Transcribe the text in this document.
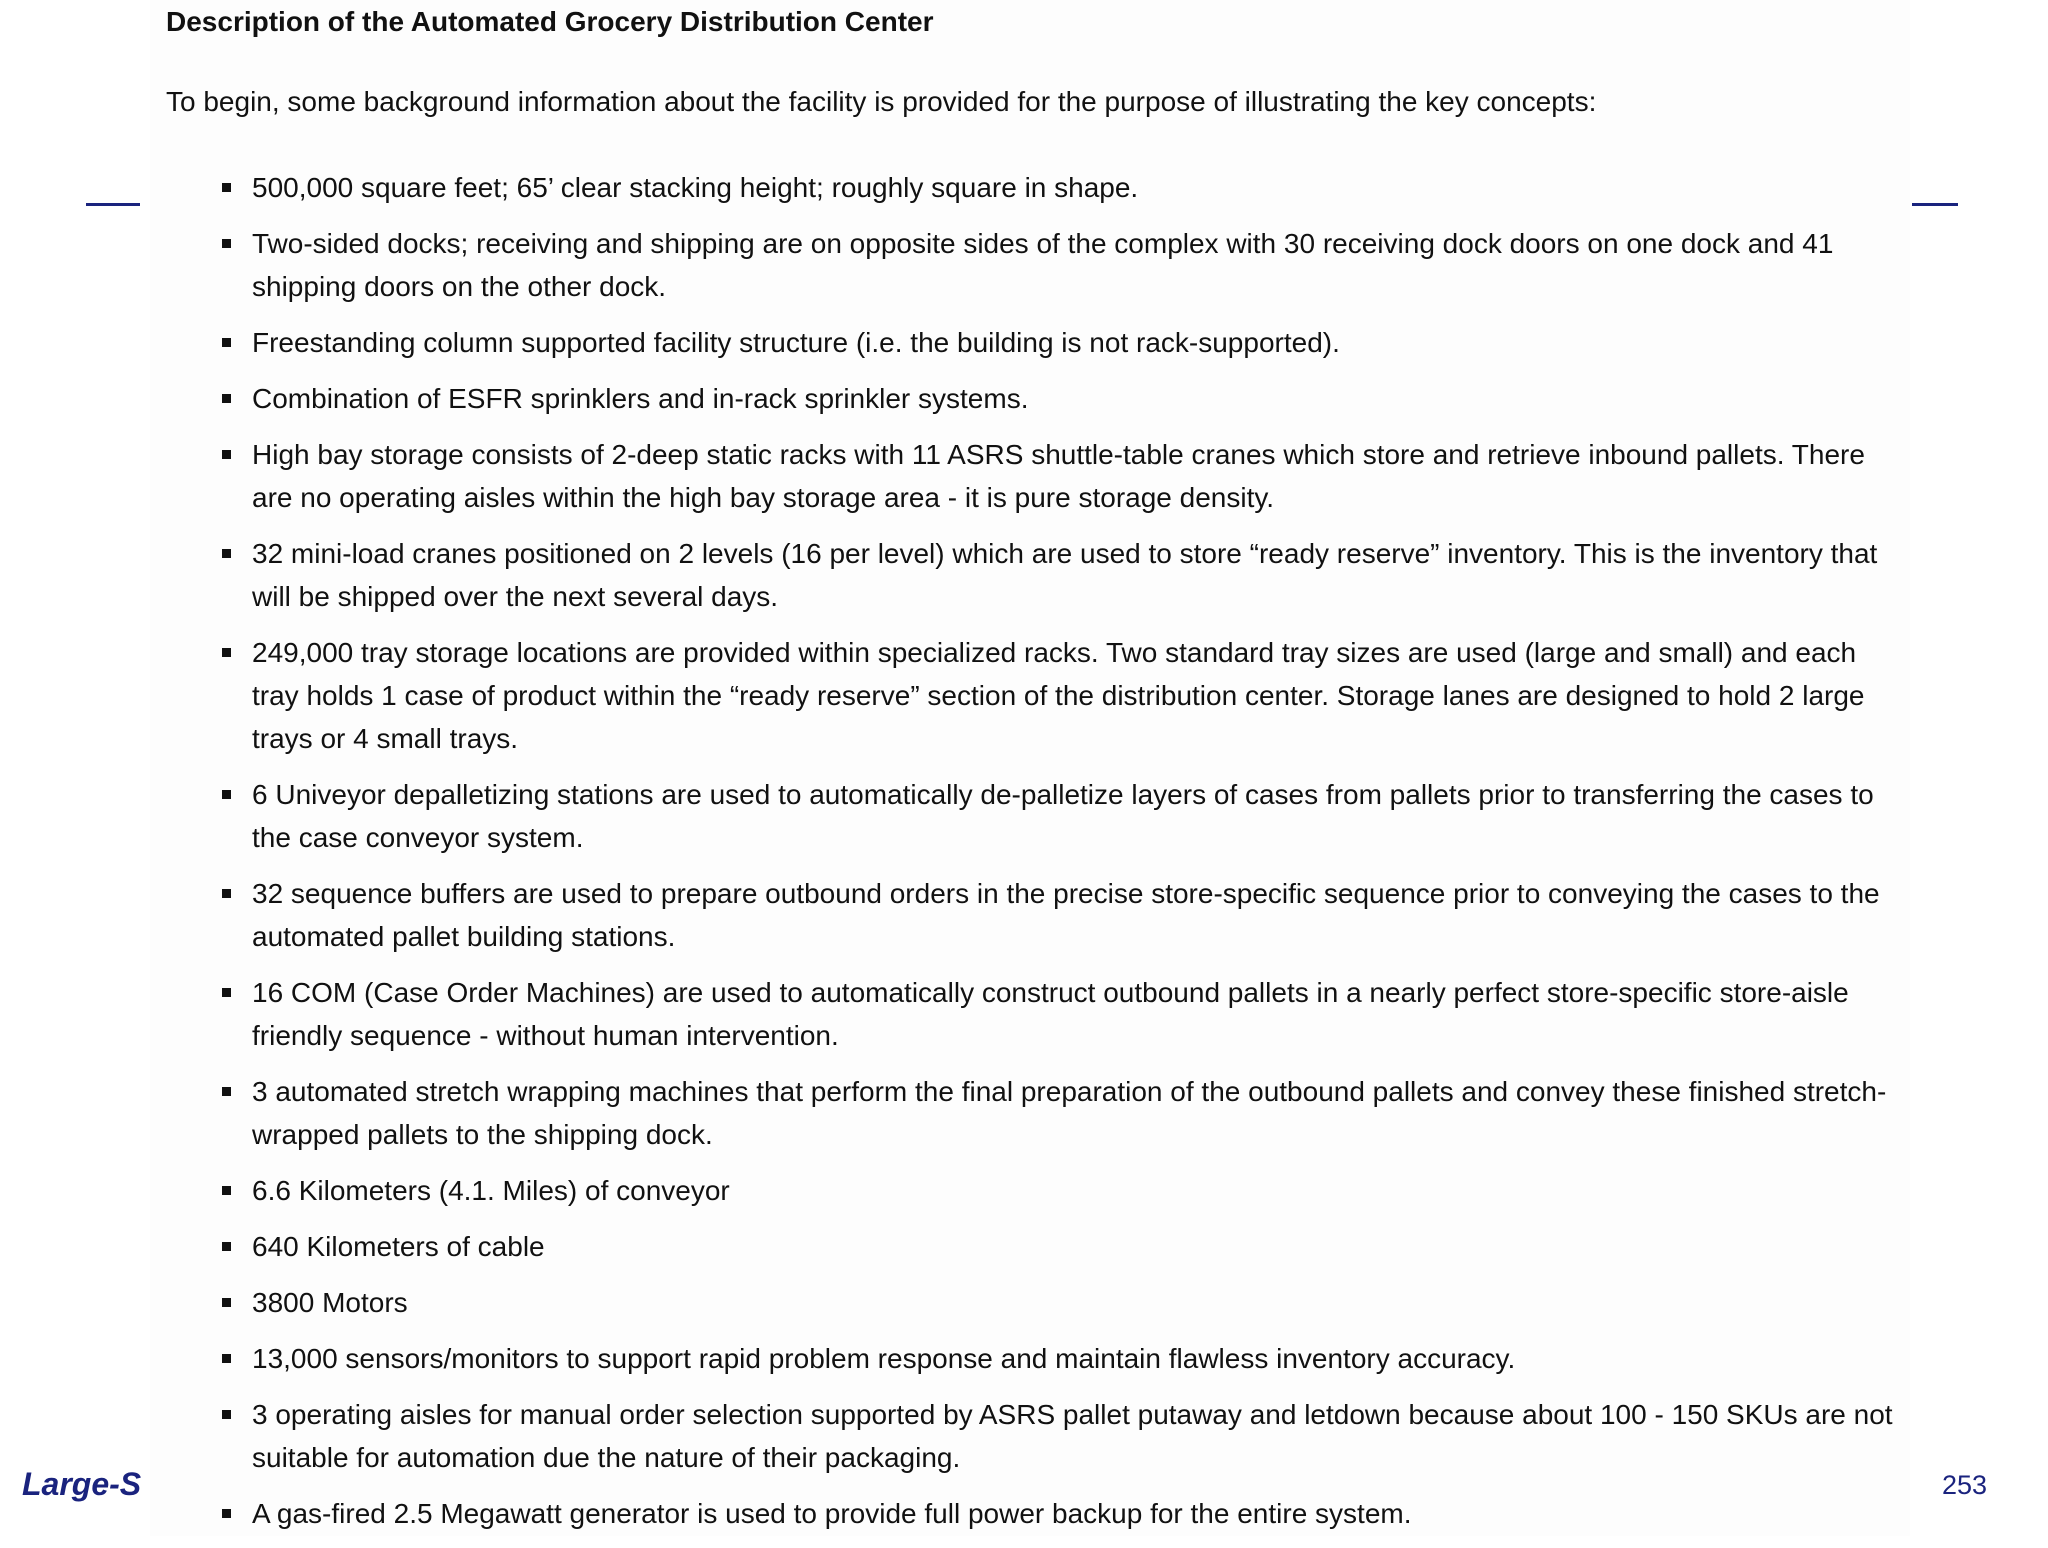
Description of the Automated Grocery Distribution Center
To begin, some background information about the facility is provided for the purpose of illustrating the key concepts:
500,000 square feet; 65’ clear stacking height; roughly square in shape.
Two-sided docks; receiving and shipping are on opposite sides of the complex with 30 receiving dock doors on one dock and 41 shipping doors on the other dock.
Freestanding column supported facility structure (i.e. the building is not rack-supported).
Combination of ESFR sprinklers and in-rack sprinkler systems.
High bay storage consists of 2-deep static racks with 11 ASRS shuttle-table cranes which store and retrieve inbound pallets. There are no operating aisles within the high bay storage area - it is pure storage density.
32 mini-load cranes positioned on 2 levels (16 per level) which are used to store “ready reserve” inventory. This is the inventory that will be shipped over the next several days.
249,000 tray storage locations are provided within specialized racks. Two standard tray sizes are used (large and small) and each tray holds 1 case of product within the “ready reserve” section of the distribution center. Storage lanes are designed to hold 2 large trays or 4 small trays.
6 Univeyor depalletizing stations are used to automatically de-palletize layers of cases from pallets prior to transferring the cases to the case conveyor system.
32 sequence buffers are used to prepare outbound orders in the precise store-specific sequence prior to conveying the cases to the automated pallet building stations.
16 COM (Case Order Machines) are used to automatically construct outbound pallets in a nearly perfect store-specific store-aisle friendly sequence - without human intervention.
3 automated stretch wrapping machines that perform the final preparation of the outbound pallets and convey these finished stretch-wrapped pallets to the shipping dock.
6.6 Kilometers (4.1. Miles) of conveyor
640 Kilometers of cable
3800 Motors
13,000 sensors/monitors to support rapid problem response and maintain flawless inventory accuracy.
3 operating aisles for manual order selection supported by ASRS pallet putaway and letdown because about 100 - 150 SKUs are not suitable for automation due the nature of their packaging.
A gas-fired 2.5 Megawatt generator is used to provide full power backup for the entire system.
Large-S	253
